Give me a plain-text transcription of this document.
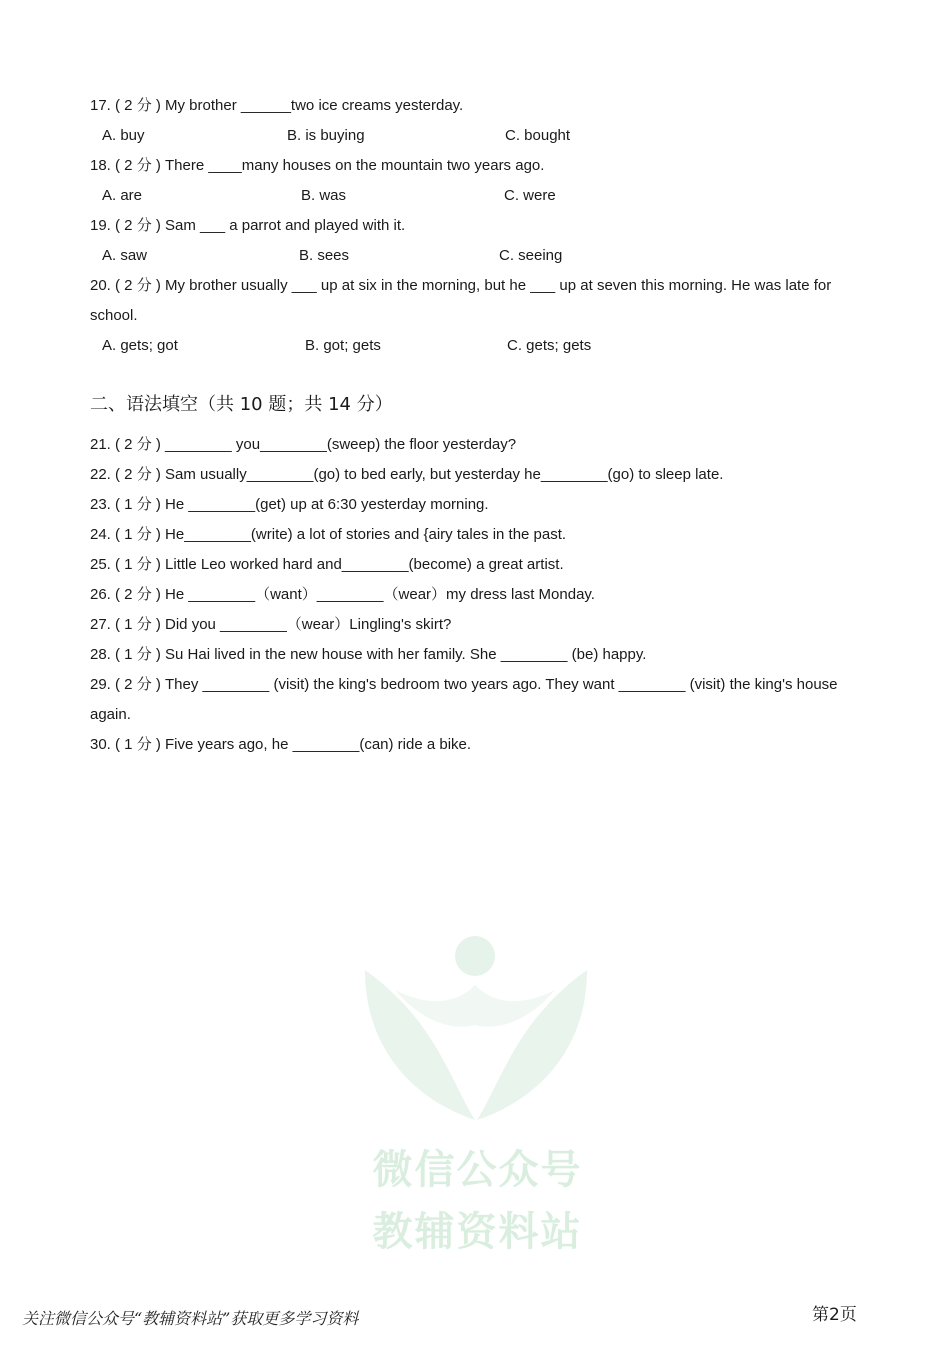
17. ( 2 分 ) My brother ______two ice creams yesterday.
A. buy	B. is buying	C. bought
18. ( 2 分 ) There ____many houses on the mountain two years ago.
A. are	B. was	C. were
19. ( 2 分 ) Sam ___ a parrot and played with it.
A. saw	B. sees	C. seeing
20. ( 2 分 ) My brother usually ___ up at six in the morning, but he ___ up at seven this morning. He was late for
school.
A. gets; got	B. got; gets	C. gets; gets
二、语法填空（共 10 题；共 14 分）
21. ( 2 分 ) ________ you________(sweep) the floor yesterday?
22. ( 2 分 ) Sam usually________(go) to bed early, but yesterday he________(go) to sleep late.
23. ( 1 分 ) He ________(get) up at 6:30 yesterday morning.
24. ( 1 分 ) He________(write) a lot of stories and {airy tales in the past.
25. ( 1 分 ) Little Leo worked hard and________(become) a great artist.
26. ( 2 分 ) He ________（want）________（wear）my dress last Monday.
27. ( 1 分 ) Did you ________（wear）Lingling's skirt?
28. ( 1 分 ) Su Hai lived in the new house with her family. She ________ (be) happy.
29. ( 2 分 ) They ________ (visit) the king's bedroom two years ago. They want ________ (visit) the king's house
again.
30. ( 1 分 ) Five years ago, he ________(can) ride a bike.
微信公众号
教辅资料站
关注微信公众号“教辅资料站”获取更多学习资料	第2页
